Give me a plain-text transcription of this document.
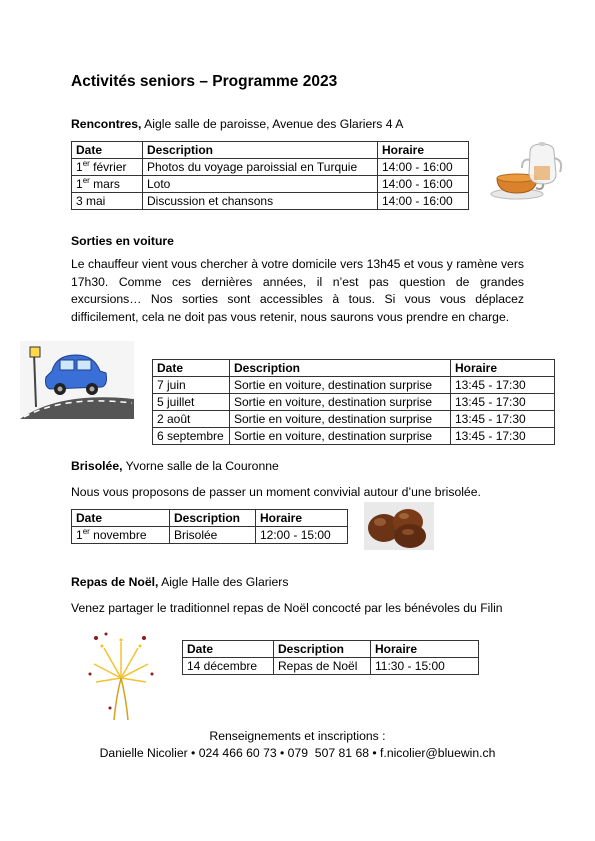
Activités seniors – Programme 2023
Rencontres, Aigle salle de paroisse, Avenue des Glariers 4 A
Date	Description	Horaire
1er février	Photos du voyage paroissial en Turquie	14:00 - 16:00
1er mars	Loto	14:00 - 16:00
3 mai	Discussion et chansons	14:00 - 16:00
Sorties en voiture
Le chauffeur vient vous chercher à votre domicile vers 13h45 et vous y ramène vers 17h30. Comme ces dernières années, il n’est pas question de grandes excursions… Nos sorties sont accessibles à tous. Si vous vous déplacez difficilement, cela ne doit pas vous retenir, nous saurons vous prendre en charge.
Date	Description	Horaire
7 juin	Sortie en voiture, destination surprise	13:45 - 17:30
5 juillet	Sortie en voiture, destination surprise	13:45 - 17:30
2 août	Sortie en voiture, destination surprise	13:45 - 17:30
6 septembre	Sortie en voiture, destination surprise	13:45 - 17:30
Brisolée, Yvorne salle de la Couronne
Nous vous proposons de passer un moment convivial autour d’une brisolée.
Date	Description	Horaire
1er novembre	Brisolée	12:00 - 15:00
Repas de Noël, Aigle Halle des Glariers
Venez partager le traditionnel repas de Noël concocté par les bénévoles du Filin
Date	Description	Horaire
14 décembre	Repas de Noël	11:30 - 15:00
Renseignements et inscriptions :
Danielle Nicolier • 024 466 60 73 • 079  507 81 68 • f.nicolier@bluewin.ch
